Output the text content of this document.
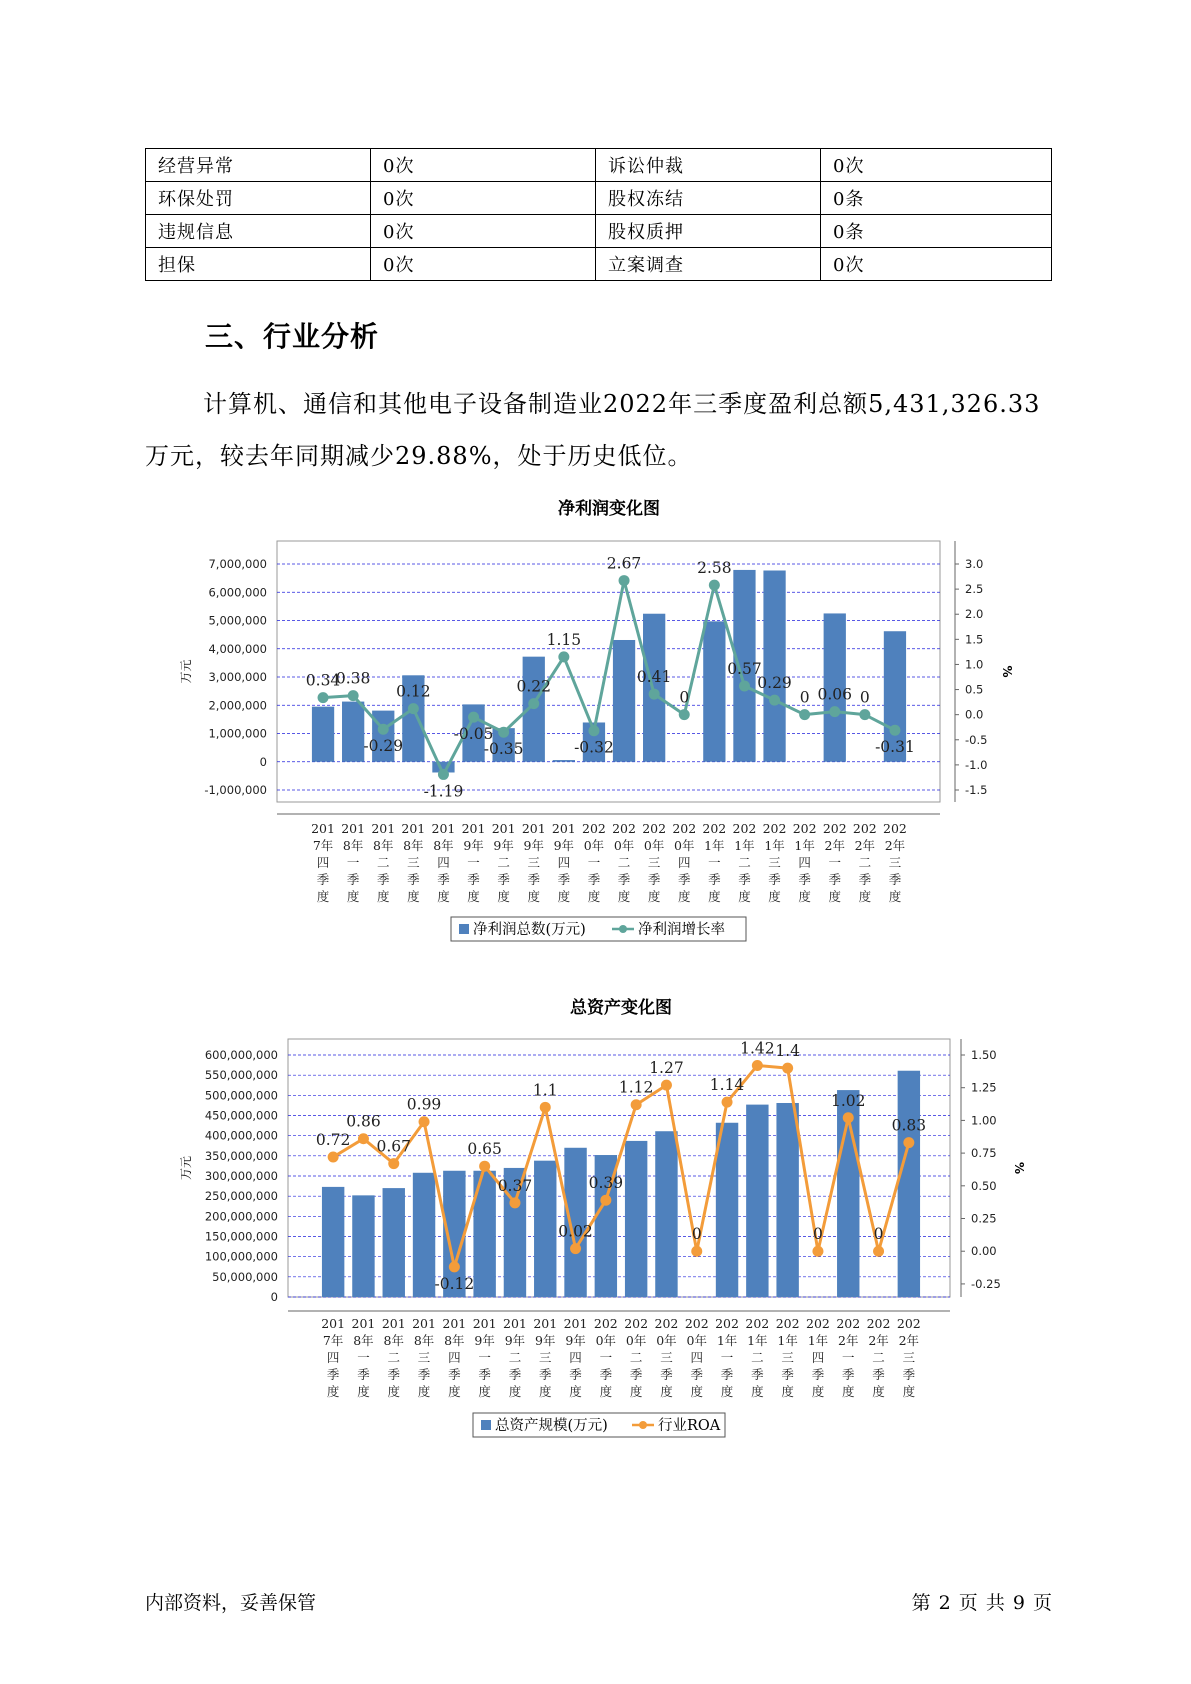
经营异常	0次	诉讼仲裁	0次
环保处罚	0次	股权冻结	0条
违规信息	0次	股权质押	0条
担保	0次	立案调查	0次
三、行业分析
计算机、通信和其他电子设备制造业2022年三季度盈利总额5,431,326.33万元，较去年同期减少29.88%，处于历史低位。
净利润变化图
-1,000,000
0
1,000,000
2,000,000
3,000,000
4,000,000
5,000,000
6,000,000
7,000,000
-1.5
-1.0
-0.5
0.0
0.5
1.0
1.5
2.0
2.5
3.0
万元	%
201 7年四季度
201 8年一季度
201 8年二季度
201 8年三季度
201 8年四季度
201 9年一季度
201 9年二季度
201 9年三季度
201 9年四季度
202 0年一季度
202 0年二季度
202 0年三季度
202 0年四季度
202 1年一季度
202 1年二季度
202 1年三季度
202 1年四季度
202 2年一季度
202 2年二季度
202 2年三季度
0.34
0.38
-0.29
0.12
-1.19
-0.05
-0.35
0.22
1.15
-0.32
2.67
0.41
0
2.58
0.57
0.29
0 0.06 0
-0.31
净利润总数(万元)	净利润增长率
总资产变化图
0
50,000,000
100,000,000
150,000,000
200,000,000
250,000,000
300,000,000
350,000,000
400,000,000
450,000,000
500,000,000
550,000,000
600,000,000
-0.25
0.00
0.25
0.50
0.75
1.00
1.25
1.50
万元	%
201 7年四季度
201 8年一季度
201 8年二季度
201 8年三季度
201 8年四季度
201 9年一季度
201 9年二季度
201 9年三季度
201 9年四季度
202 0年一季度
202 0年二季度
202 0年三季度
202 0年四季度
202 1年一季度
202 1年二季度
202 1年三季度
202 1年四季度
202 2年一季度
202 2年二季度
202 2年三季度
0.72
0.86
0.67
0.99
-0.12
0.65
0.37
1.1
0.02
0.39
1.12
1.27
0
1.14
1.42 1.4
0
1.02
0
0.83
总资产规模(万元)	行业ROA
内部资料，妥善保管	第 2 页 共 9 页
